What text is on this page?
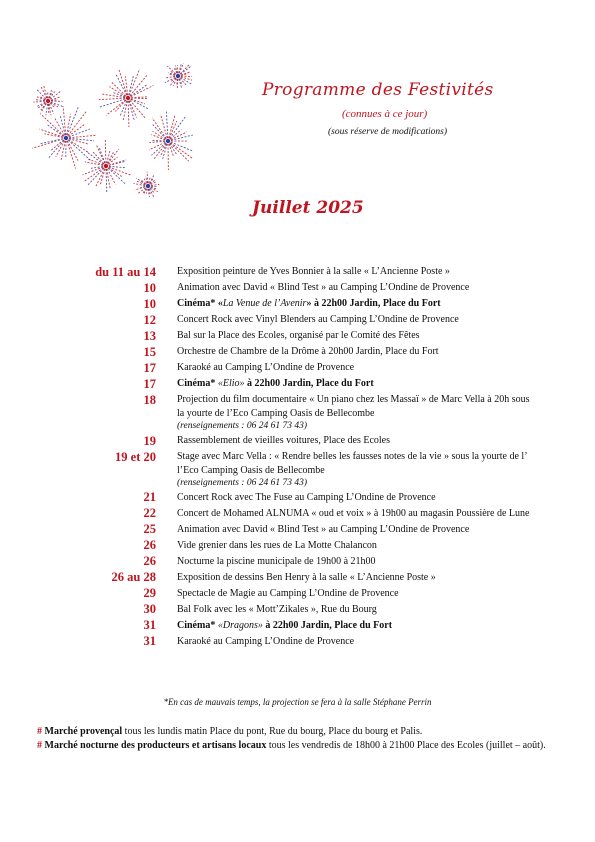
Programme des Festivités
(connues à ce jour)
(sous réserve de modifications)
Juillet 2025
du 11 au 14 Exposition peinture de Yves Bonnier à la salle « L’Ancienne Poste »
10 Animation avec David « Blind Test » au Camping L’Ondine de Provence
10 Cinéma* «La Venue de l’Avenir» à 22h00 Jardin, Place du Fort
12 Concert Rock avec Vinyl Blenders au Camping L’Ondine de Provence
13 Bal sur la Place des Ecoles, organisé par le Comité des Fêtes
15 Orchestre de Chambre de la Drôme à 20h00 Jardin, Place du Fort
17 Karaoké au Camping L’Ondine de Provence
17 Cinéma* «Elio» à 22h00 Jardin, Place du Fort
18 Projection du film documentaire « Un piano chez les Massaï » de Marc Vella à 20h sous la yourte de l’Eco Camping Oasis de Bellecombe
(renseignements : 06 24 61 73 43)
19 Rassemblement de vieilles voitures, Place des Ecoles
19 et 20 Stage avec Marc Vella : « Rendre belles les fausses notes de la vie » sous la yourte de l’ l’Eco Camping Oasis de Bellecombe
(renseignements : 06 24 61 73 43)
21 Concert Rock avec The Fuse au Camping L’Ondine de Provence
22 Concert de Mohamed ALNUMA « oud et voix » à 19h00 au magasin Poussière de Lune
25 Animation avec David « Blind Test » au Camping L’Ondine de Provence
26 Vide grenier dans les rues de La Motte Chalancon
26 Nocturne la piscine municipale de 19h00 à 21h00
26 au 28 Exposition de dessins Ben Henry à la salle « L’Ancienne Poste »
29 Spectacle de Magie au Camping L’Ondine de Provence
30 Bal Folk avec les « Mott’Zikales », Rue du Bourg
31 Cinéma* «Dragons» à 22h00 Jardin, Place du Fort
31 Karaoké au Camping L’Ondine de Provence
*En cas de mauvais temps, la projection se fera à la salle Stéphane Perrin

# Marché provençal tous les lundis matin Place du pont, Rue du bourg, Place du bourg et Palis.

# Marché nocturne des producteurs et artisans locaux tous les vendredis de 18h00 à 21h00 Place des Ecoles (juillet – août).
